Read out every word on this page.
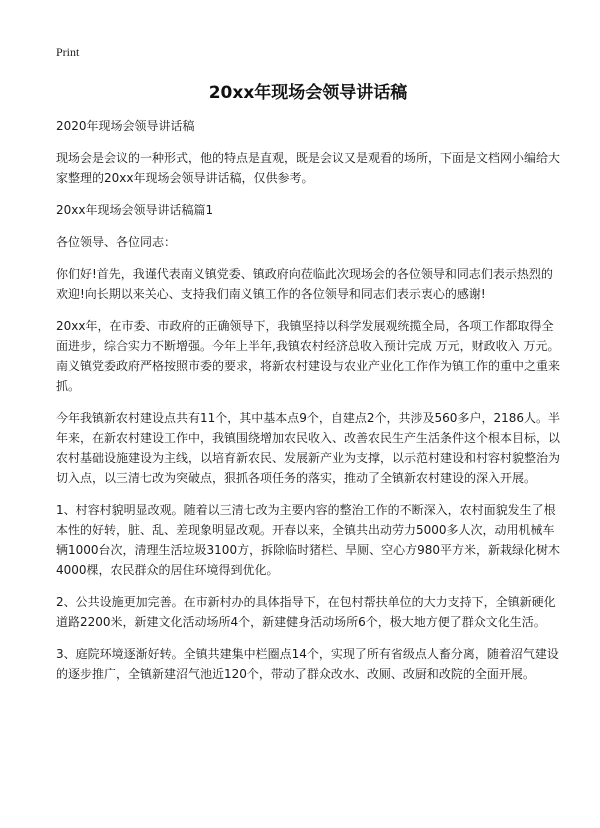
Print
20xx年现场会领导讲话稿
2020年现场会领导讲话稿
现场会是会议的一种形式，他的特点是直观，既是会议又是观看的场所，下面是文档网小编给大家整理的20xx年现场会领导讲话稿，仅供参考。
20xx年现场会领导讲话稿篇1
各位领导、各位同志：
你们好!首先，我谨代表南义镇党委、镇政府向莅临此次现场会的各位领导和同志们表示热烈的欢迎!向长期以来关心、支持我们南义镇工作的各位领导和同志们表示衷心的感谢!
20xx年，在市委、市政府的正确领导下，我镇坚持以科学发展观统揽全局，各项工作都取得全面进步，综合实力不断增强。今年上半年,我镇农村经济总收入预计完成 万元，财政收入 万元。南义镇党委政府严格按照市委的要求，将新农村建设与农业产业化工作作为镇工作的重中之重来抓。
今年我镇新农村建设点共有11个，其中基本点9个，自建点2个，共涉及560多户，2186人。半年来，在新农村建设工作中，我镇围绕增加农民收入、改善农民生产生活条件这个根本目标，以农村基础设施建设为主线，以培育新农民、发展新产业为支撑，以示范村建设和村容村貌整治为切入点，以三清七改为突破点，狠抓各项任务的落实，推动了全镇新农村建设的深入开展。
1、村容村貌明显改观。随着以三清七改为主要内容的整治工作的不断深入，农村面貌发生了根本性的好转，脏、乱、差现象明显改观。开春以来，全镇共出动劳力5000多人次，动用机械车辆1000台次，清理生活垃圾3100方，拆除临时猪栏、旱厕、空心方980平方米，新栽绿化树木4000棵，农民群众的居住环境得到优化。
2、公共设施更加完善。在市新村办的具体指导下，在包村帮扶单位的大力支持下，全镇新硬化道路2200米，新建文化活动场所4个，新建健身活动场所6个，极大地方便了群众文化生活。
3、庭院环境逐渐好转。全镇共建集中栏圈点14个，实现了所有省级点人畜分离，随着沼气建设的逐步推广，全镇新建沼气池近120个，带动了群众改水、改厕、改厨和改院的全面开展。
